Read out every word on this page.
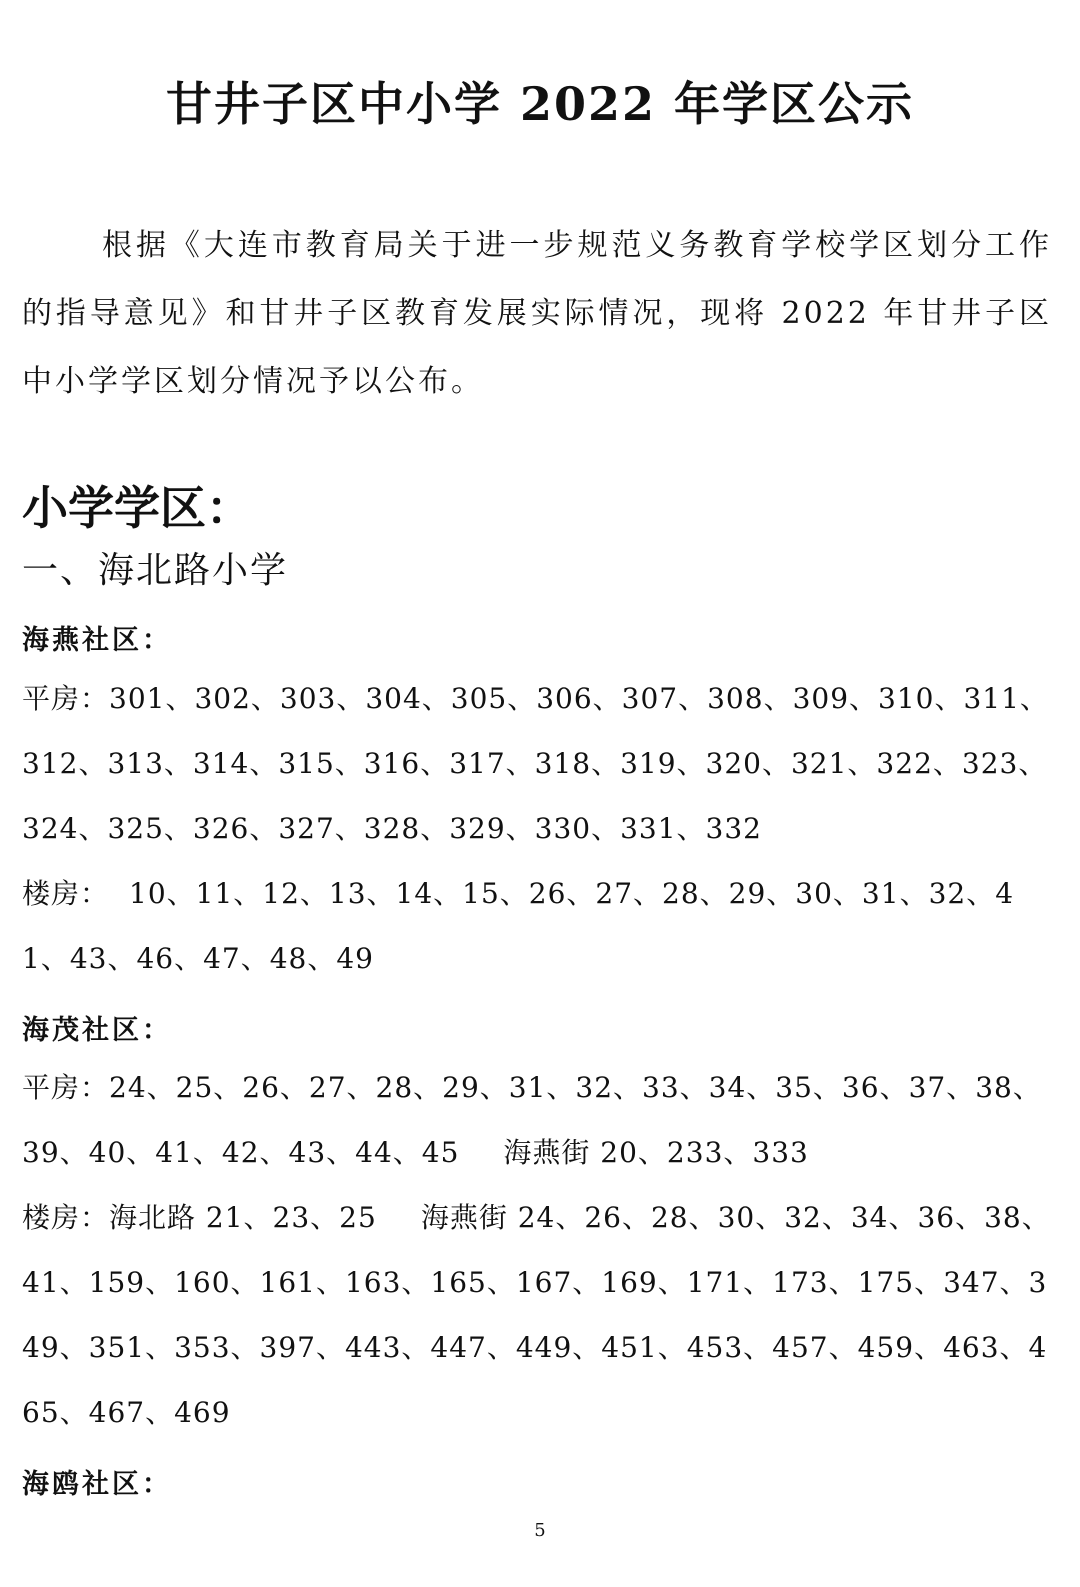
甘井子区中小学 2022 年学区公示
根据《大连市教育局关于进一步规范义务教育学校学区划分工作的指导意见》和甘井子区教育发展实际情况，现将 2022 年甘井子区中小学学区划分情况予以公布。
小学学区：
一、海北路小学
海燕社区：
平房：301、302、303、304、305、306、307、308、309、310、311、312、313、314、315、316、317、318、319、320、321、322、323、324、325、326、327、328、329、330、331、332
楼房： 10、11、12、13、14、15、26、27、28、29、30、31、32、41、43、46、47、48、49
海茂社区：
平房：24、25、26、27、28、29、31、32、33、34、35、36、37、38、39、40、41、42、43、44、45 海燕街 20、233、333
楼房：海北路 21、23、25 海燕街 24、26、28、30、32、34、36、38、41、159、160、161、163、165、167、169、171、173、175、347、349、351、353、397、443、447、449、451、453、457、459、463、465、467、469
海鸥社区：
5
